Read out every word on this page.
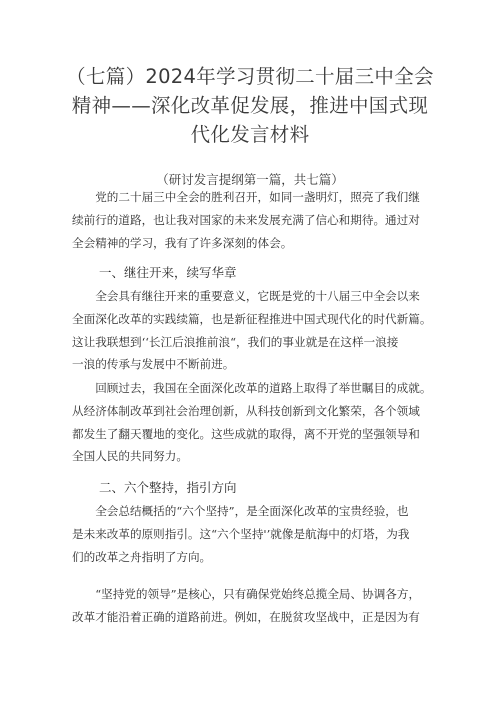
（七篇）2024年学习贯彻二十届三中全会
精神——深化改革促发展，推进中国式现
代化发言材料
（研讨发言提纲第一篇，共七篇）
　　党的二十届三中全会的胜利召开，如同一盏明灯，照亮了我们继
续前行的道路，也让我对国家的未来发展充满了信心和期待。通过对
全会精神的学习，我有了许多深刻的体会。
一、继往开来，续写华章
　　全会具有继往开来的重要意义，它既是党的十八届三中全会以来
全面深化改革的实践续篇，也是新征程推进中国式现代化的时代新篇。
这让我联想到‘‘长江后浪推前浪“，我们的事业就是在这样一浪接
一浪的传承与发展中不断前进。
　　回顾过去，我国在全面深化改革的道路上取得了举世瞩目的成就。
从经济体制改革到社会治理创新，从科技创新到文化繁荣，各个领域
都发生了翻天覆地的变化。这些成就的取得，离不开党的坚强领导和
全国人民的共同努力。
二、六个整持，指引方向
　　全会总结概括的“六个坚持”，是全面深化改革的宝贵经验，也
是未来改革的原则指引。这“六个坚持'’就像是航海中的灯塔，为我
们的改革之舟指明了方向。
　　“坚持党的领导”是核心，只有确保党始终总揽全局、协调各方，
改革才能沿着正确的道路前进。例如，在脱贫攻坚战中，正是因为有
